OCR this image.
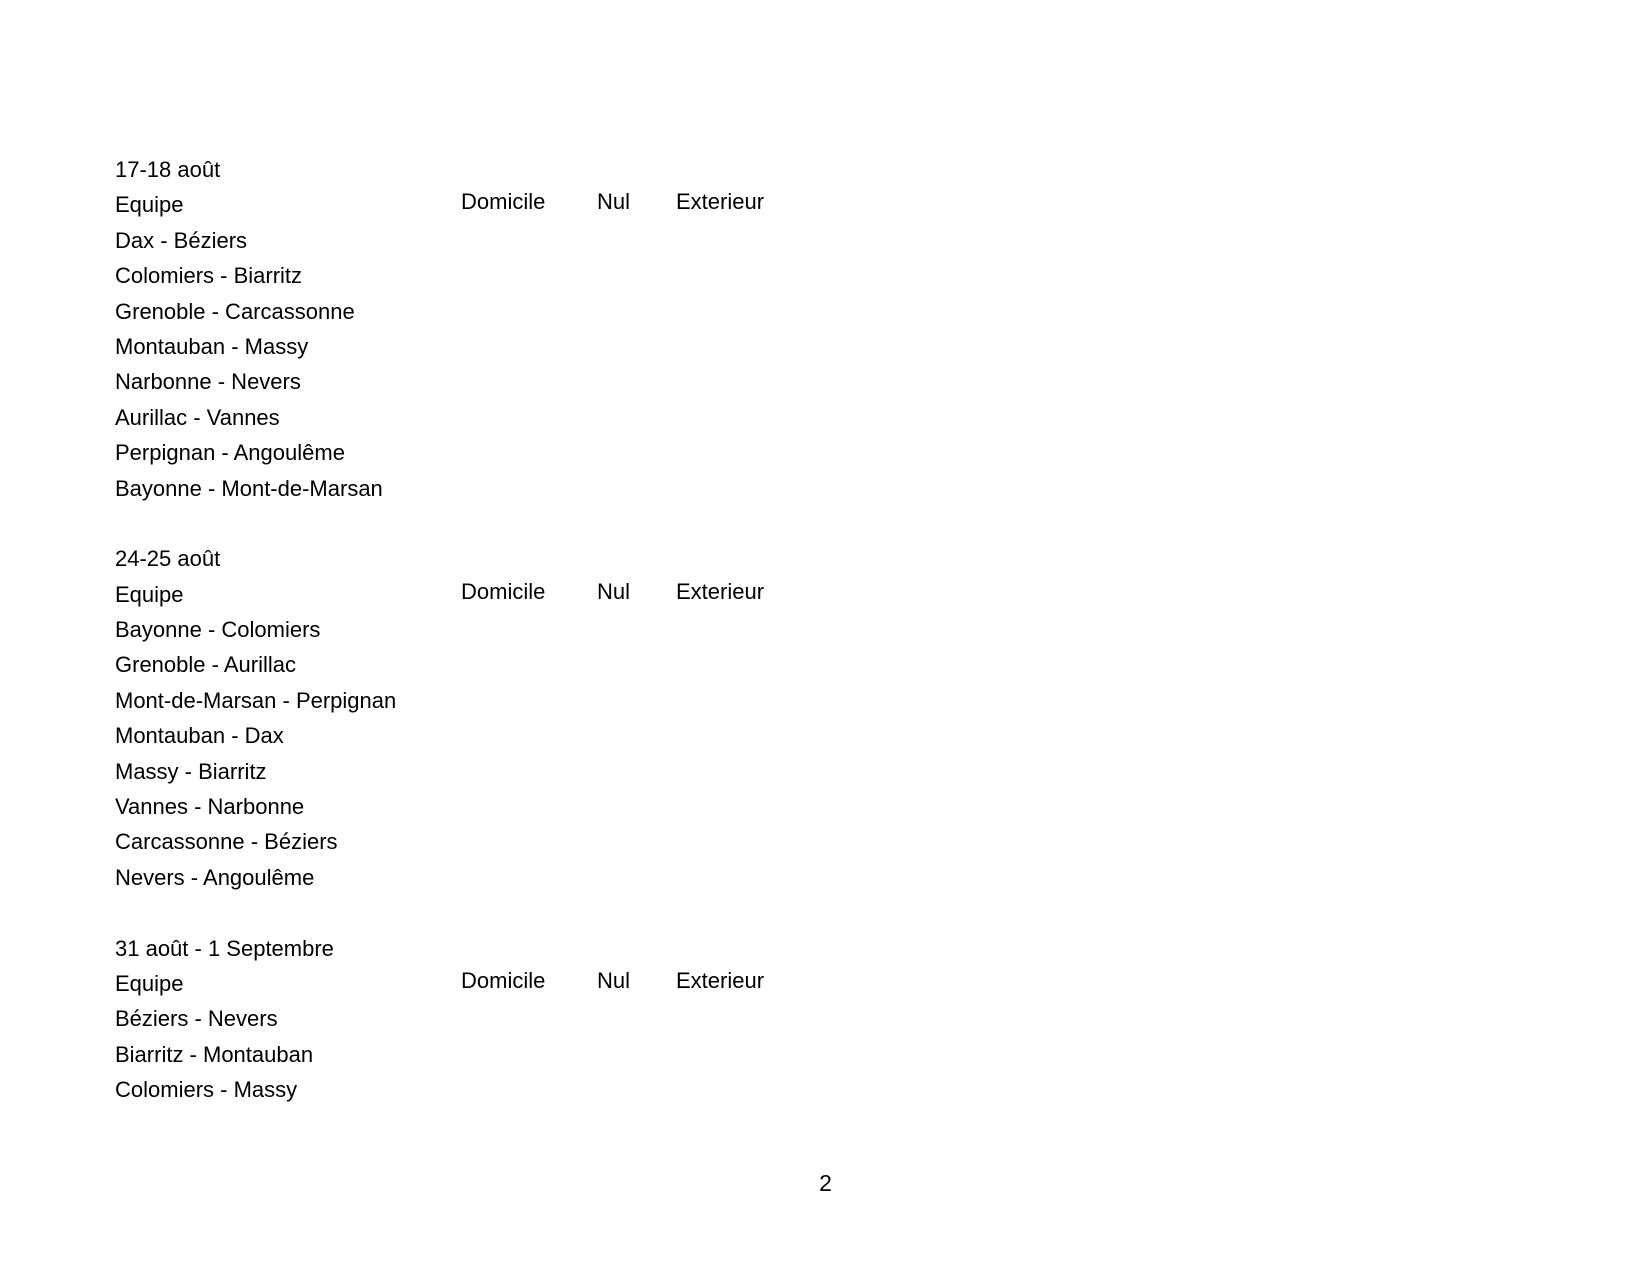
17-18 août
Equipe	Domicile Nul Exterieur
Dax - Béziers
Colomiers - Biarritz
Grenoble - Carcassonne
Montauban - Massy
Narbonne - Nevers
Aurillac - Vannes
Perpignan - Angoulême
Bayonne - Mont-de-Marsan
24-25 août
Equipe	Domicile Nul Exterieur
Bayonne - Colomiers
Grenoble - Aurillac
Mont-de-Marsan - Perpignan
Montauban - Dax
Massy - Biarritz
Vannes - Narbonne
Carcassonne - Béziers
Nevers - Angoulême
31 août - 1 Septembre
Equipe	Domicile Nul Exterieur
Béziers - Nevers
Biarritz - Montauban
Colomiers - Massy
2
